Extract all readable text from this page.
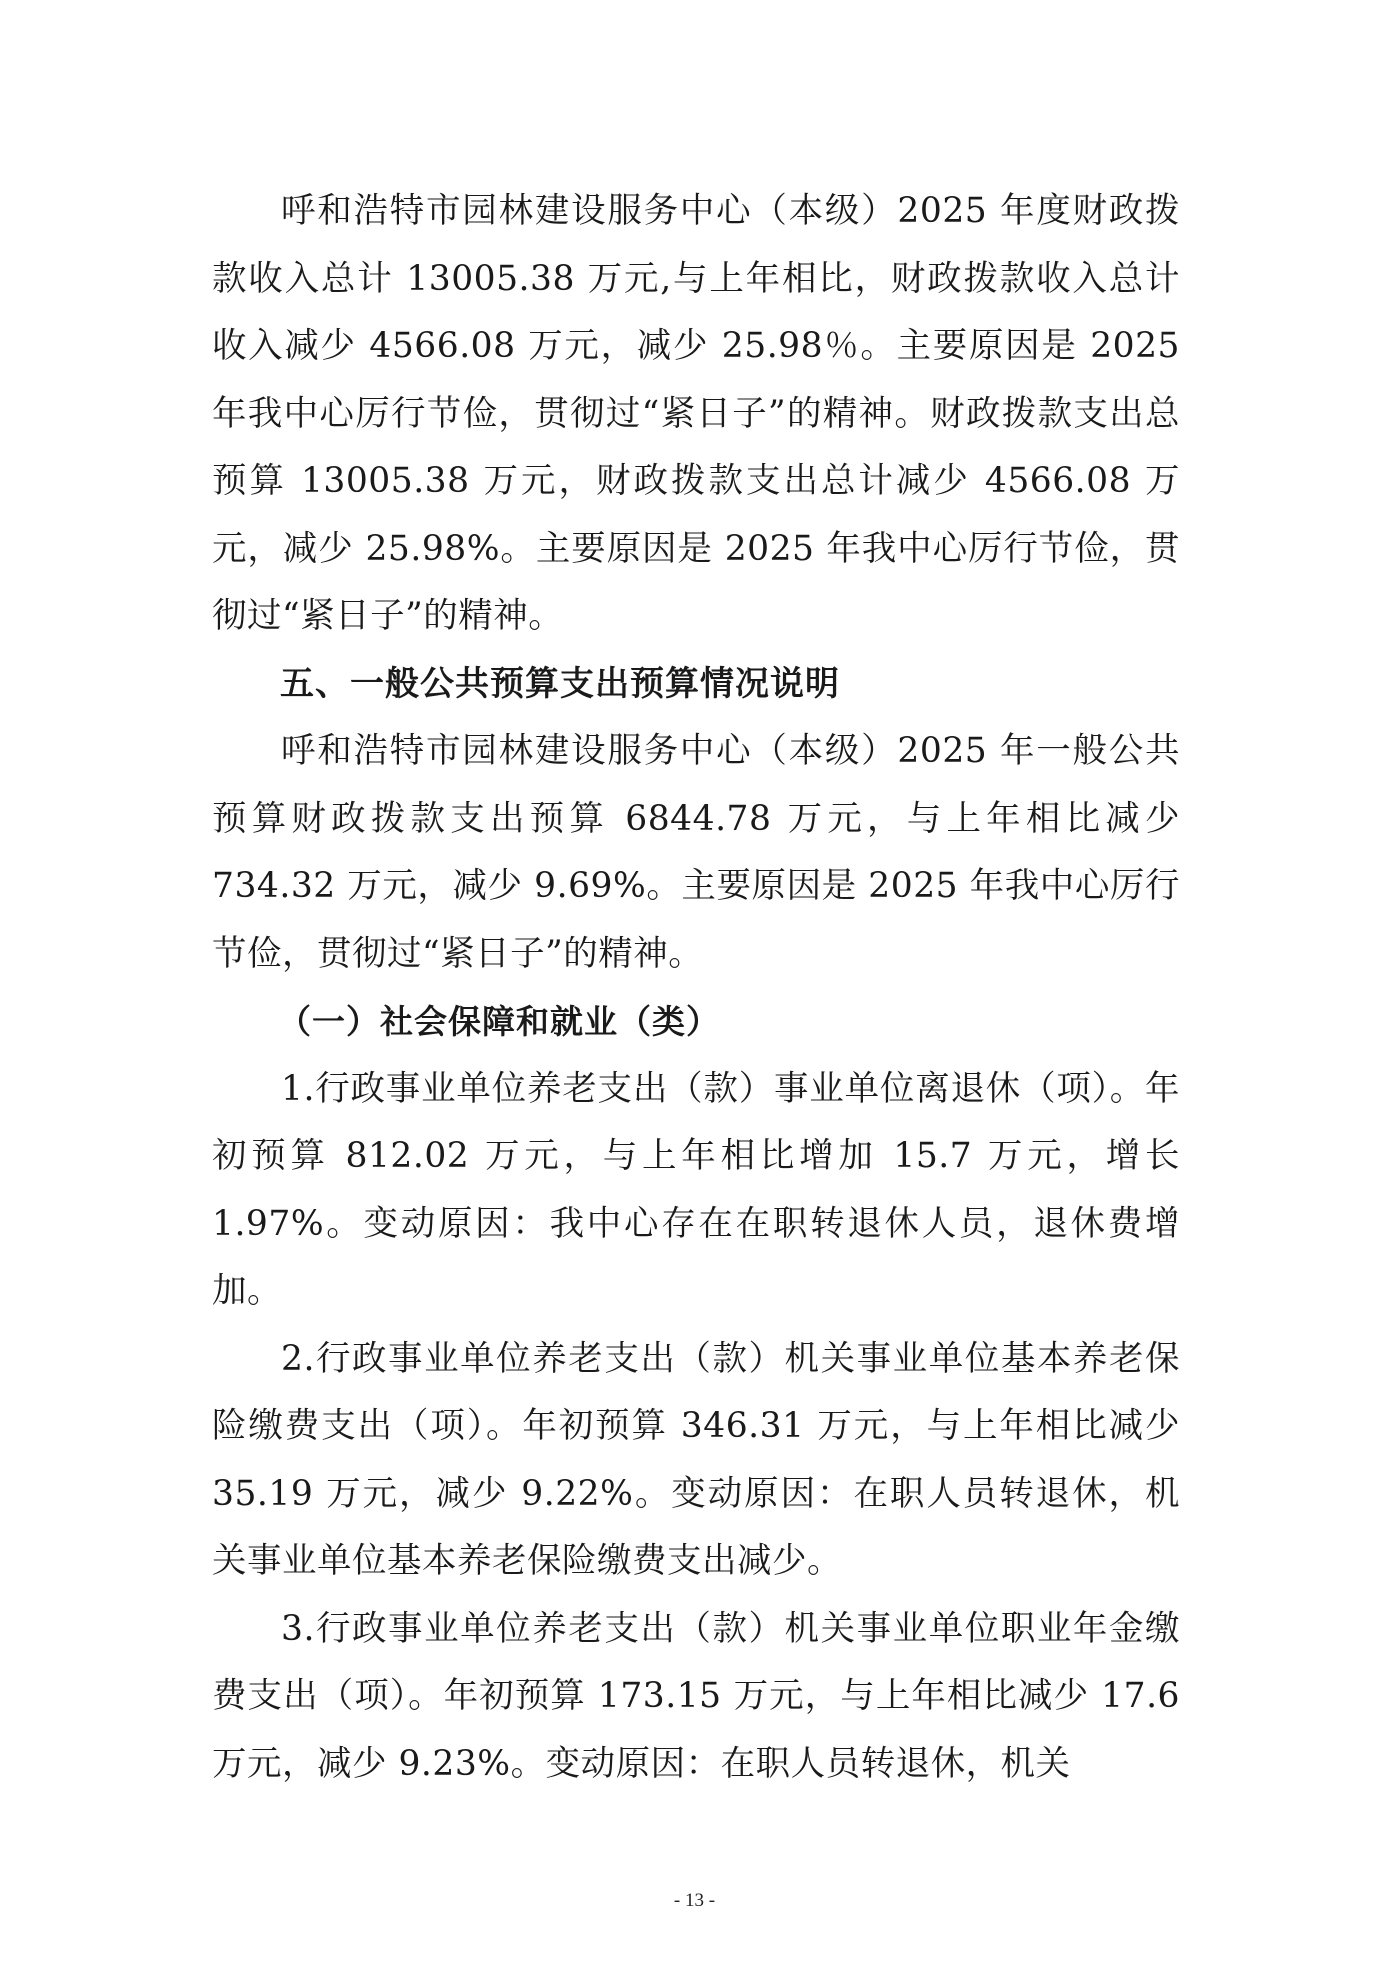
呼和浩特市园林建设服务中心（本级）2025 年度财政拨款收入总计 13005.38 万元,与上年相比，财政拨款收入总计收入减少 4566.08 万元，减少 25.98％。主要原因是 2025 年我中心厉行节俭，贯彻过“紧日子”的精神。财政拨款支出总预算 13005.38 万元，财政拨款支出总计减少 4566.08 万元，减少 25.98%。主要原因是 2025 年我中心厉行节俭，贯彻过“紧日子”的精神。

五、一般公共预算支出预算情况说明

呼和浩特市园林建设服务中心（本级）2025 年一般公共预算财政拨款支出预算 6844.78 万元，与上年相比减少 734.32 万元，减少 9.69%。主要原因是 2025 年我中心厉行节俭，贯彻过“紧日子”的精神。

（一）社会保障和就业（类）

1.行政事业单位养老支出（款）事业单位离退休（项）。年初预算 812.02 万元，与上年相比增加 15.7 万元，增长 1.97%。变动原因：我中心存在在职转退休人员，退休费增加。

2.行政事业单位养老支出（款）机关事业单位基本养老保险缴费支出（项）。年初预算 346.31 万元，与上年相比减少 35.19 万元，减少 9.22%。变动原因：在职人员转退休，机关事业单位基本养老保险缴费支出减少。

3.行政事业单位养老支出（款）机关事业单位职业年金缴费支出（项）。年初预算 173.15 万元，与上年相比减少 17.6 万元，减少 9.23%。变动原因：在职人员转退休，机关

- 13 -
